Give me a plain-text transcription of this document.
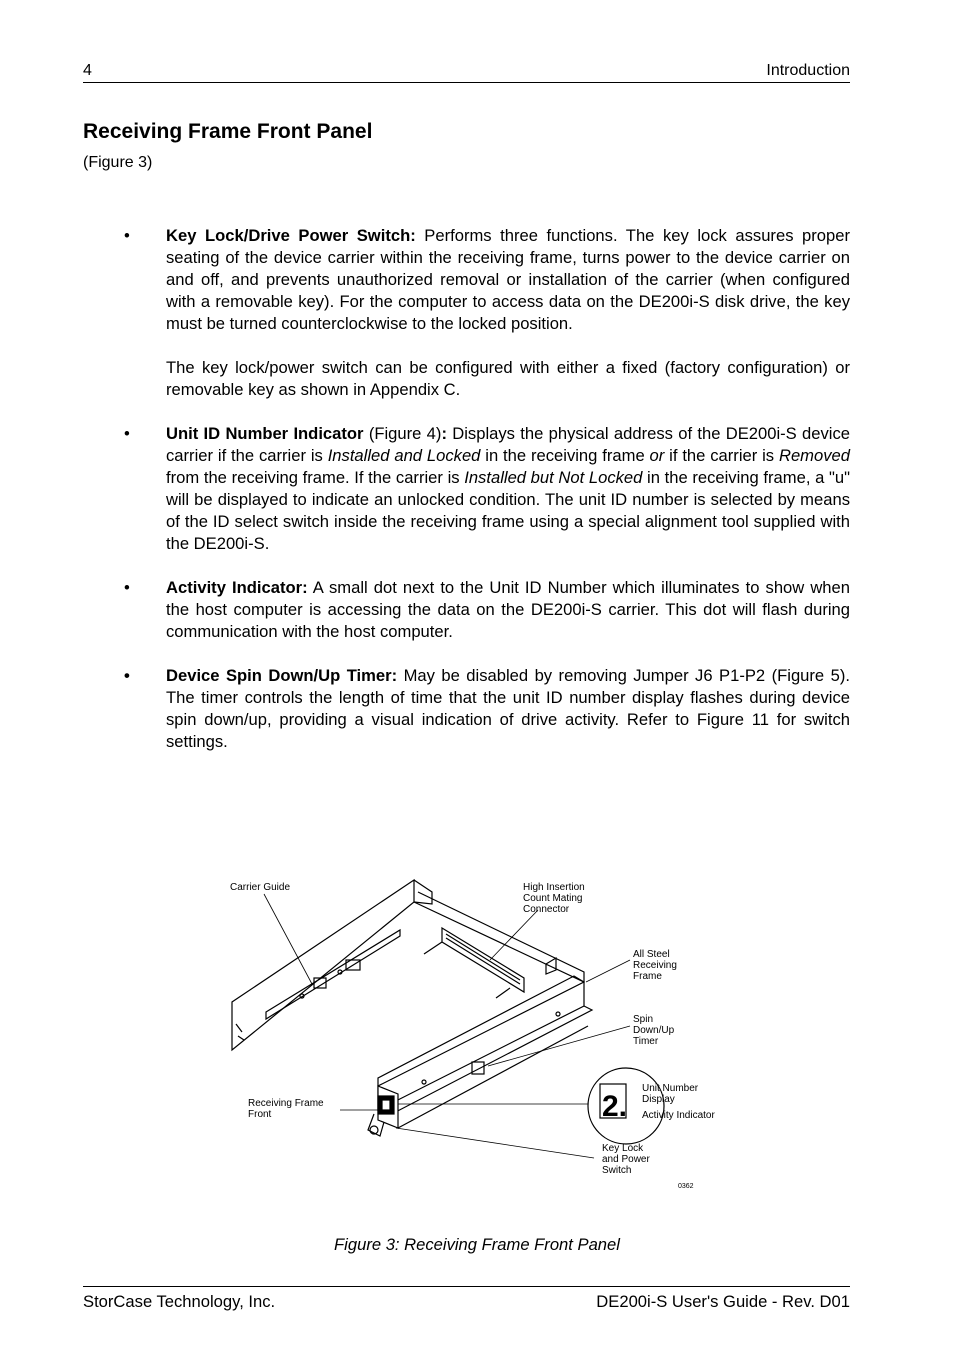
4	Introduction
Receiving Frame Front Panel
(Figure 3)
•	Key Lock/Drive Power Switch: Performs three functions. The key lock assures proper seating of the device carrier within the receiving frame, turns power to the device carrier on and off, and prevents unauthorized removal or installation of the carrier (when configured with a removable key). For the computer to access data on the DE200i-S disk drive, the key must be turned counterclockwise to the locked position.

The key lock/power switch can be configured with either a fixed (factory configuration) or removable key as shown in Appendix C.

•	Unit ID Number Indicator (Figure 4): Displays the physical address of the DE200i-S device carrier if the carrier is Installed and Locked in the receiving frame or if the carrier is Removed from the receiving frame. If the carrier is Installed but Not Locked in the receiving frame, a "u" will be displayed to indicate an unlocked condition. The unit ID number is selected by means of the ID select switch inside the receiving frame using a special alignment tool supplied with the DE200i-S.

•	Activity Indicator: A small dot next to the Unit ID Number which illuminates to show when the host computer is accessing the data on the DE200i-S carrier. This dot will flash during communication with the host computer.

•	Device Spin Down/Up Timer: May be disabled by removing Jumper J6 P1-P2 (Figure 5). The timer controls the length of time that the unit ID number display flashes during device spin down/up, providing a visual indication of drive activity. Refer to Figure 11 for switch settings.

2.
Carrier Guide	High Insertion
Count Mating
Connector
All Steel
Receiving
Frame
Spin
Down/Up
Timer
Unit Number
Display
Activity Indicator
Receiving Frame
Front
Key Lock
and Power
Switch
0362
Figure 3: Receiving Frame Front Panel
StorCase Technology, Inc.	DE200i-S User's Guide - Rev. D01
